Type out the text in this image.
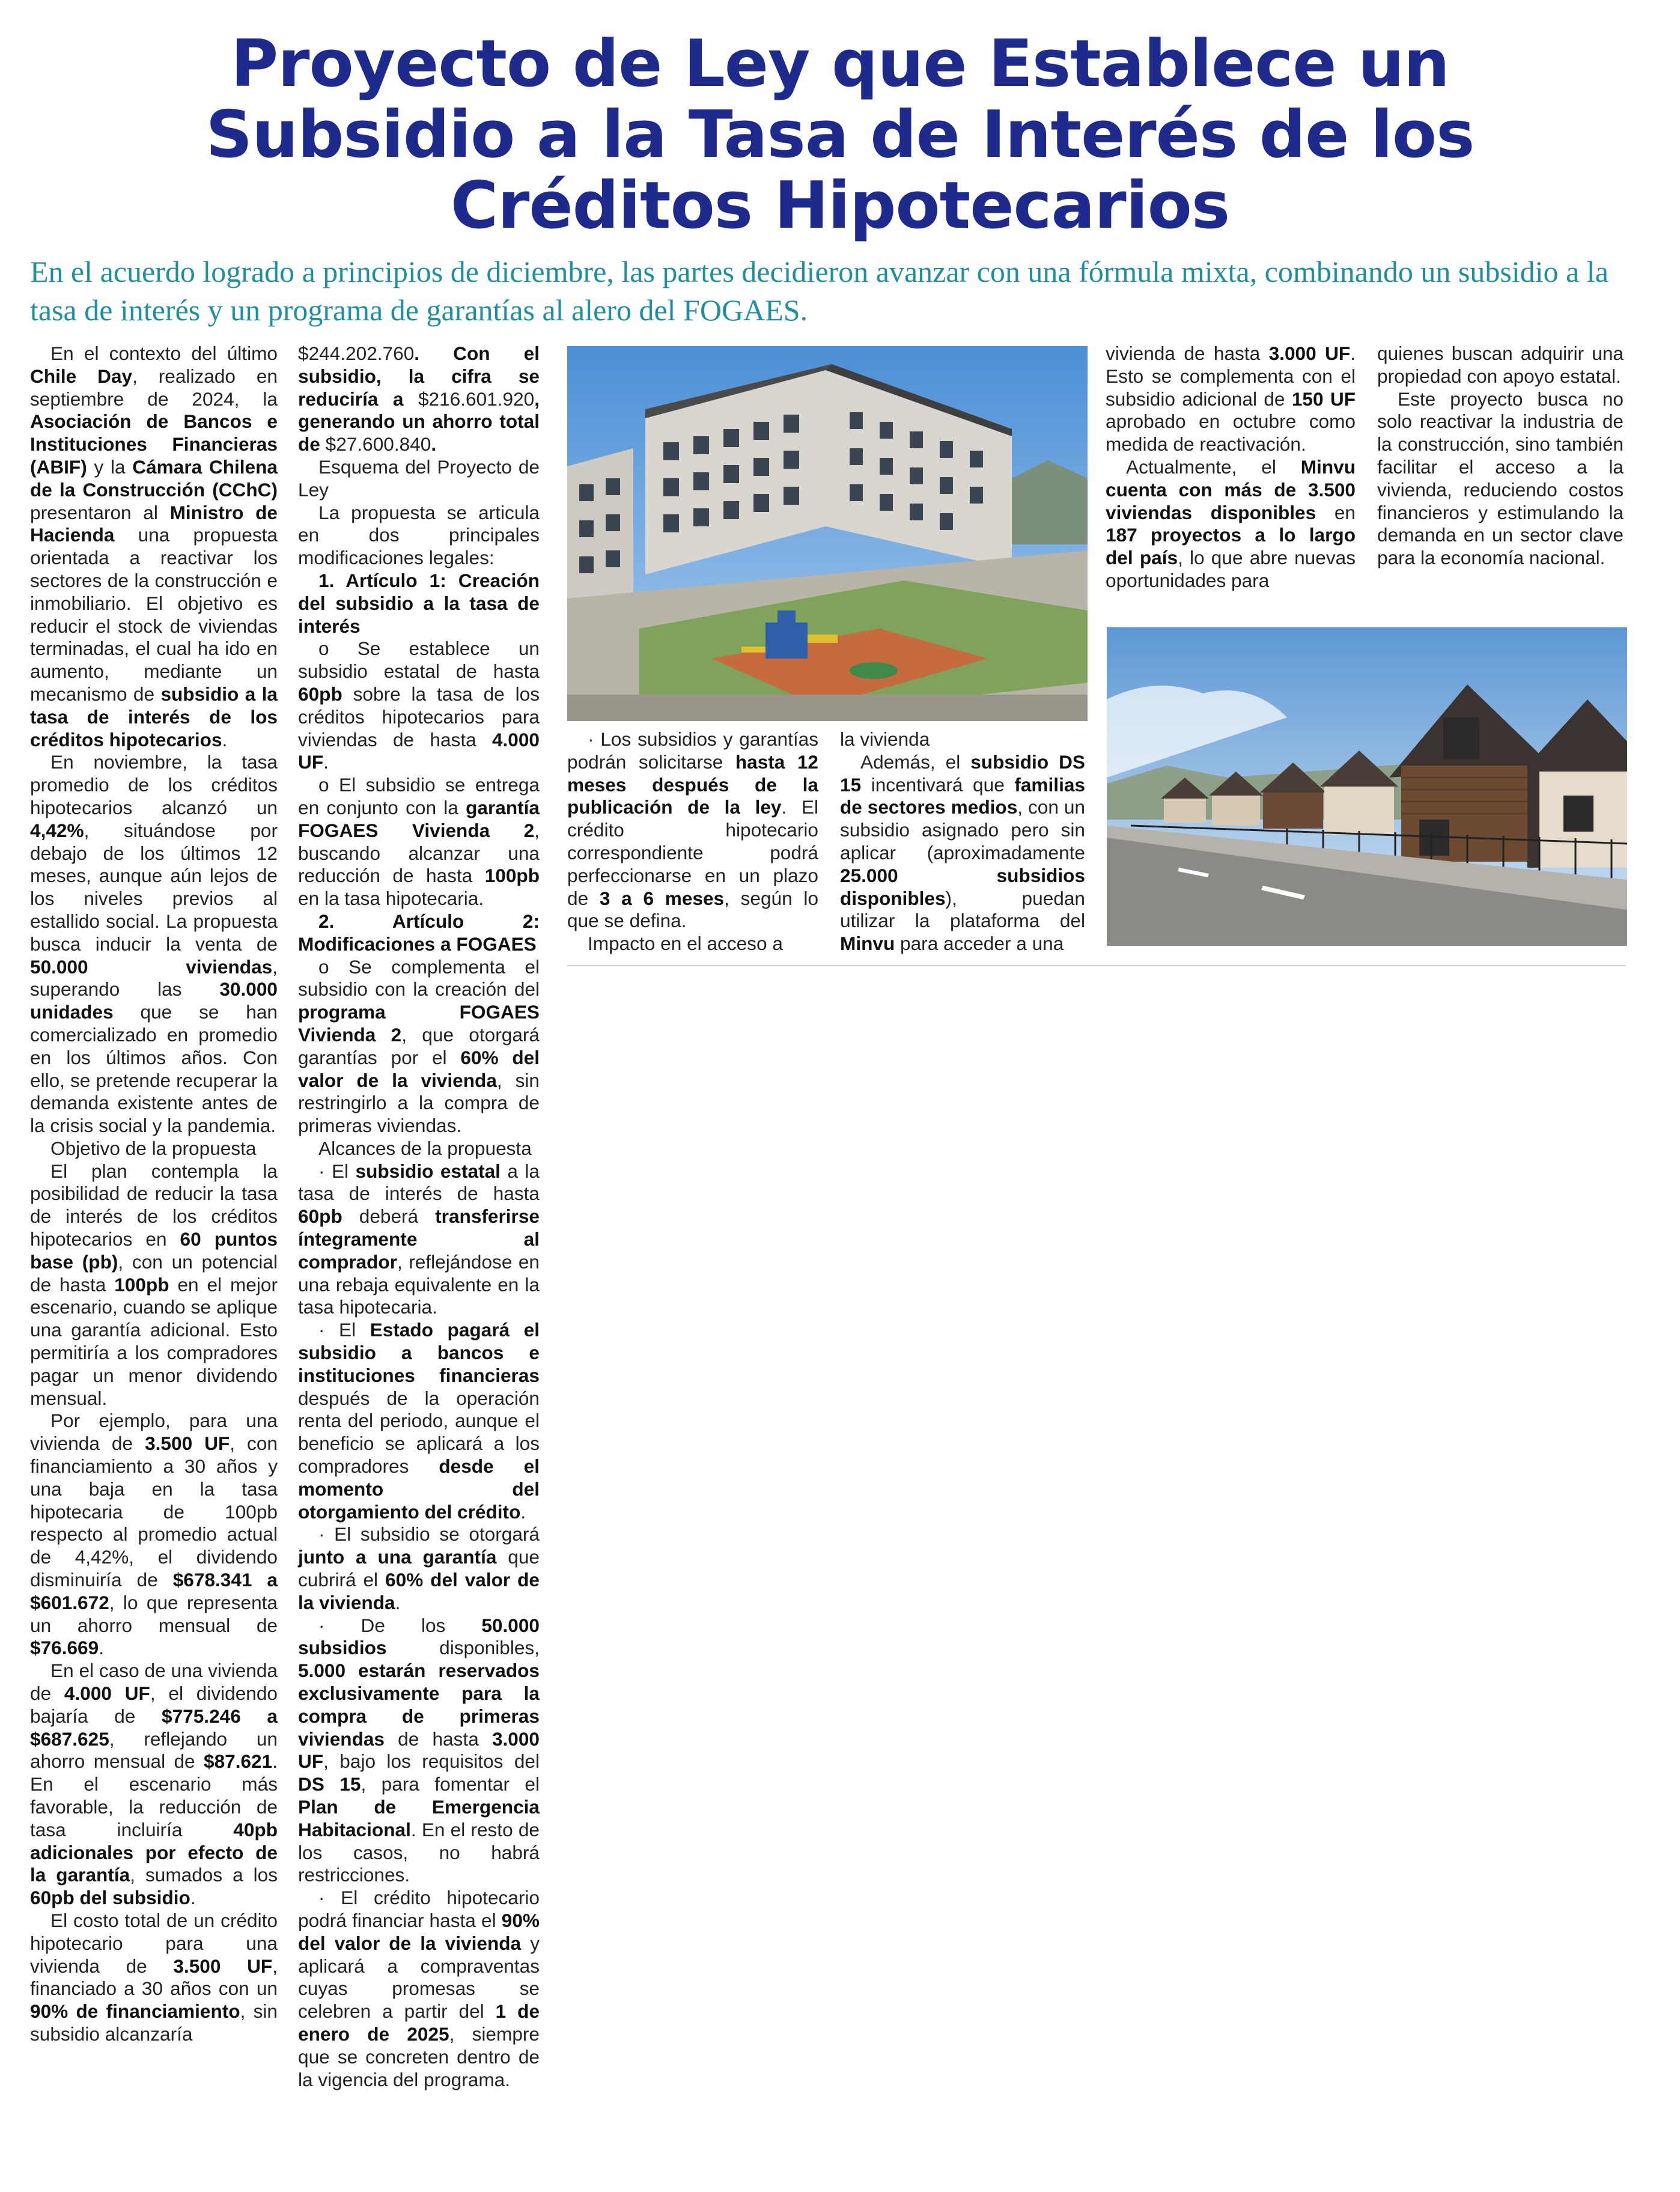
Proyecto de Ley que Establece un
Subsidio a la Tasa de Interés de los
Créditos Hipotecarios

En el acuerdo logrado a principios de diciembre, las partes decidieron avanzar con una fórmula mixta, combinando un subsidio a la tasa de interés y un programa de garantías al alero del FOGAES.

En el contexto del último Chile Day, realizado en septiembre de 2024, la Asociación de Bancos e Instituciones Financieras (ABIF) y la Cámara Chilena de la Construcción (CChC) presentaron al Ministro de Hacienda una propuesta orientada a reactivar los sectores de la construcción e inmobiliario. El objetivo es reducir el stock de viviendas terminadas, el cual ha ido en aumento, mediante un mecanismo de subsidio a la tasa de interés de los créditos hipotecarios.

En noviembre, la tasa promedio de los créditos hipotecarios alcanzó un 4,42%, situándose por debajo de los últimos 12 meses, aunque aún lejos de los niveles previos al estallido social. La propuesta busca inducir la venta de 50.000 viviendas, superando las 30.000 unidades que se han comercializado en promedio en los últimos años. Con ello, se pretende recuperar la demanda existente antes de la crisis social y la pandemia.

Objetivo de la propuesta

El plan contempla la posibilidad de reducir la tasa de interés de los créditos hipotecarios en 60 puntos base (pb), con un potencial de hasta 100pb en el mejor escenario, cuando se aplique una garantía adicional. Esto permitiría a los compradores pagar un menor dividendo mensual.

Por ejemplo, para una vivienda de 3.500 UF, con financiamiento a 30 años y una baja en la tasa hipotecaria de 100pb respecto al promedio actual de 4,42%, el dividendo disminuiría de $678.341 a $601.672, lo que representa un ahorro mensual de $76.669.

En el caso de una vivienda de 4.000 UF, el dividendo bajaría de $775.246 a $687.625, reflejando un ahorro mensual de $87.621. En el escenario más favorable, la reducción de tasa incluiría 40pb adicionales por efecto de la garantía, sumados a los 60pb del subsidio.

El costo total de un crédito hipotecario para una vivienda de 3.500 UF, financiado a 30 años con un 90% de financiamiento, sin subsidio alcanzaría

$244.202.760. Con el subsidio, la cifra se reduciría a $216.601.920, generando un ahorro total de $27.600.840.

Esquema del Proyecto de Ley

La propuesta se articula en dos principales modificaciones legales:

1. Artículo 1: Creación del subsidio a la tasa de interés

o Se establece un subsidio estatal de hasta 60pb sobre la tasa de los créditos hipotecarios para viviendas de hasta 4.000 UF.

o El subsidio se entrega en conjunto con la garantía FOGAES Vivienda 2, buscando alcanzar una reducción de hasta 100pb en la tasa hipotecaria.

2. Artículo 2: Modificaciones a FOGAES

o Se complementa el subsidio con la creación del programa FOGAES Vivienda 2, que otorgará garantías por el 60% del valor de la vivienda, sin restringirlo a la compra de primeras viviendas.

Alcances de la propuesta

· El subsidio estatal a la tasa de interés de hasta 60pb deberá transferirse íntegramente al comprador, reflejándose en una rebaja equivalente en la tasa hipotecaria.

· El Estado pagará el subsidio a bancos e instituciones financieras después de la operación renta del periodo, aunque el beneficio se aplicará a los compradores desde el momento del otorgamiento del crédito.

· El subsidio se otorgará junto a una garantía que cubrirá el 60% del valor de la vivienda.

· De los 50.000 subsidios disponibles, 5.000 estarán reservados exclusivamente para la compra de primeras viviendas de hasta 3.000 UF, bajo los requisitos del DS 15, para fomentar el Plan de Emergencia Habitacional. En el resto de los casos, no habrá restricciones.

· El crédito hipotecario podrá financiar hasta el 90% del valor de la vivienda y aplicará a compraventas cuyas promesas se celebren a partir del 1 de enero de 2025, siempre que se concreten dentro de la vigencia del programa.

· Los subsidios y garantías podrán solicitarse hasta 12 meses después de la publicación de la ley. El crédito hipotecario correspondiente podrá perfeccionarse en un plazo de 3 a 6 meses, según lo que se defina.

Impacto en el acceso a

la vivienda

Además, el subsidio DS 15 incentivará que familias de sectores medios, con un subsidio asignado pero sin aplicar (aproximadamente 25.000 subsidios disponibles), puedan utilizar la plataforma del Minvu para acceder a una

vivienda de hasta 3.000 UF. Esto se complementa con el subsidio adicional de 150 UF aprobado en octubre como medida de reactivación.

Actualmente, el Minvu cuenta con más de 3.500 viviendas disponibles en 187 proyectos a lo largo del país, lo que abre nuevas oportunidades para

quienes buscan adquirir una propiedad con apoyo estatal.

Este proyecto busca no solo reactivar la industria de la construcción, sino también facilitar el acceso a la vivienda, reduciendo costos financieros y estimulando la demanda en un sector clave para la economía nacional.
